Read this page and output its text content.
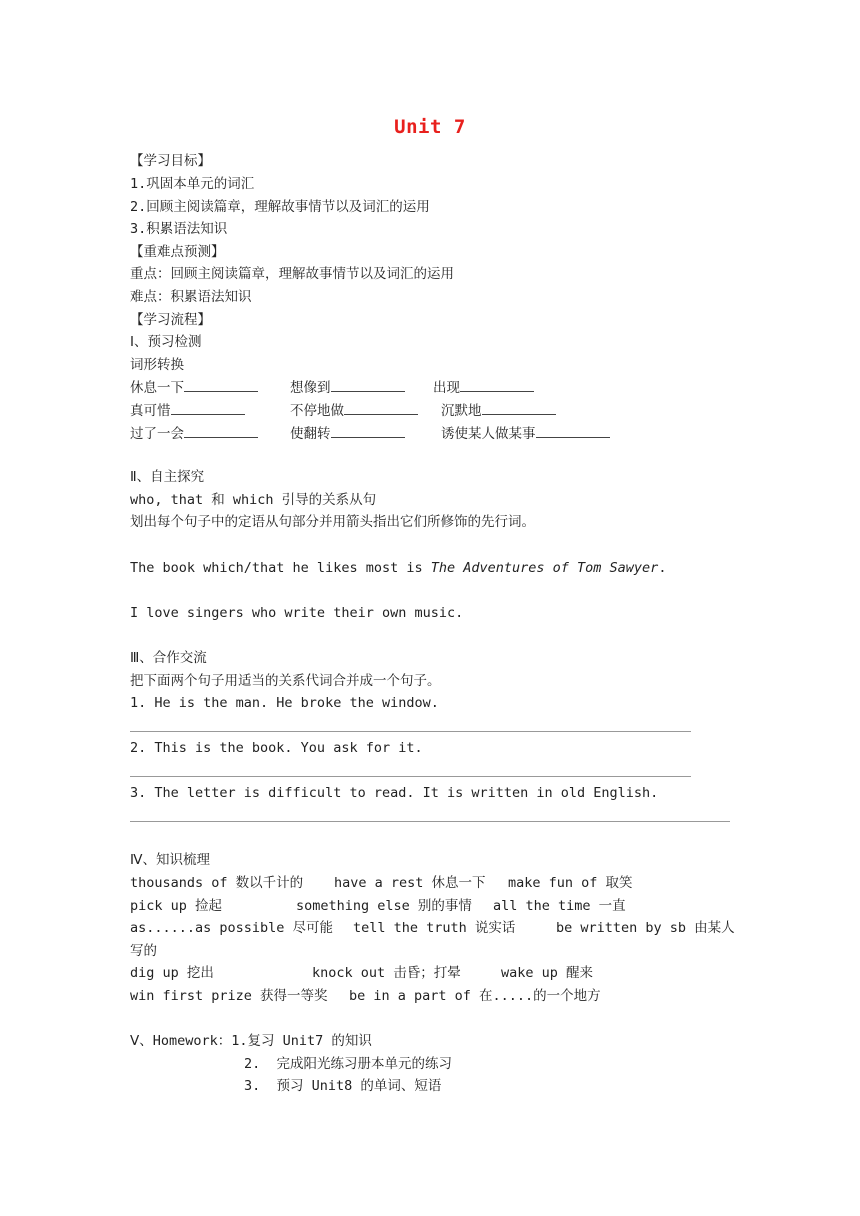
Unit 7
【学习目标】
1.巩固本单元的词汇
2.回顾主阅读篇章，理解故事情节以及词汇的运用
3.积累语法知识
【重难点预测】
重点：回顾主阅读篇章，理解故事情节以及词汇的运用
难点：积累语法知识
【学习流程】
Ⅰ、预习检测
词形转换
休息一下	想像到	出现
真可惜	不停地做	沉默地
过了一会	使翻转	诱使某人做某事
Ⅱ、自主探究
who, that 和 which 引导的关系从句
划出每个句子中的定语从句部分并用箭头指出它们所修饰的先行词。
The book which/that he likes most is The Adventures of Tom Sawyer.
I love singers who write their own music.
Ⅲ、合作交流
把下面两个句子用适当的关系代词合并成一个句子。
1. He is the man. He broke the window.
2. This is the book. You ask for it.
3. The letter is difficult to read. It is written in old English.
Ⅳ、知识梳理
thousands of 数以千计的 have a rest 休息一下 make fun of 取笑
pick up 捡起	something else 别的事情 all the time 一直
as......as possible 尽可能 tell the truth 说实话	be written by sb 由某人
写的
dig up 挖出	knock out 击昏；打晕	wake up 醒来
win first prize 获得一等奖 be in a part of 在.....的一个地方
Ⅴ、Homework：1.复习 Unit7 的知识
2.  完成阳光练习册本单元的练习
3.  预习 Unit8 的单词、短语
